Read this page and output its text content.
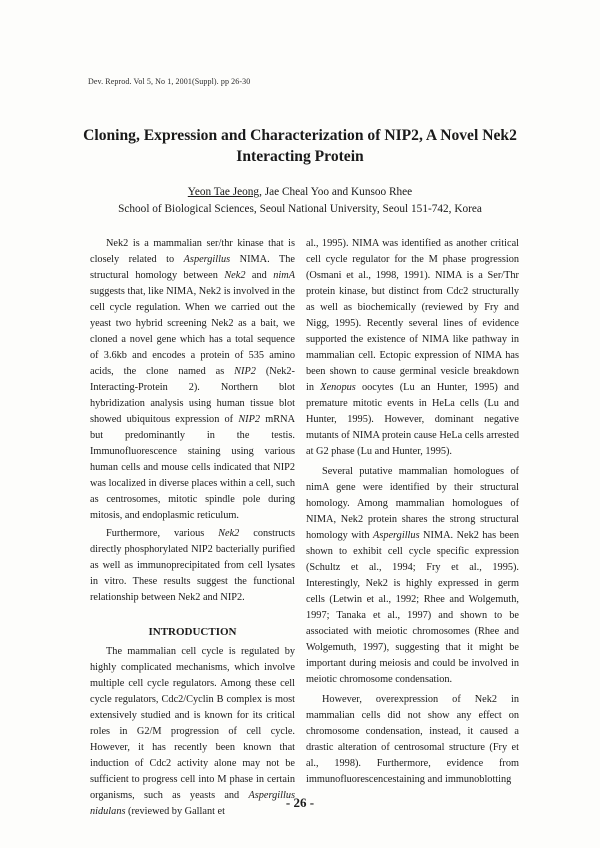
Dev. Reprod. Vol 5, No 1, 2001(Suppl). pp 26-30
Cloning, Expression and Characterization of NIP2, A Novel Nek2
Interacting Protein
Yeon Tae Jeong, Jae Cheal Yoo and Kunsoo Rhee
School of Biological Sciences, Seoul National University, Seoul 151-742, Korea

Nek2 is a mammalian ser/thr kinase that is closely related to Aspergillus NIMA. The structural homology between Nek2 and nimA suggests that, like NIMA, Nek2 is involved in the cell cycle regulation. When we carried out the yeast two hybrid screening Nek2 as a bait, we cloned a novel gene which has a total sequence of 3.6kb and encodes a protein of 535 amino acids, the clone named as NIP2 (Nek2-Interacting-Protein 2). Northern blot hybridization analysis using human tissue blot showed ubiquitous expression of NIP2 mRNA but predominantly in the testis. Immunofluorescence staining using various human cells and mouse cells indicated that NIP2 was localized in diverse places within a cell, such as centrosomes, mitotic spindle pole during mitosis, and endoplasmic reticulum.

Furthermore, various Nek2 constructs directly phosphorylated NIP2 bacterially purified as well as immunoprecipitated from cell lysates in vitro. These results suggest the functional relationship between Nek2 and NIP2.

INTRODUCTION

The mammalian cell cycle is regulated by highly complicated mechanisms, which involve multiple cell cycle regulators. Among these cell cycle regulators, Cdc2/Cyclin B complex is most extensively studied and is known for its critical roles in G2/M progression of cell cycle. However, it has recently been known that induction of Cdc2 activity alone may not be sufficient to progress cell into M phase in certain organisms, such as yeasts and Aspergillus nidulans (reviewed by Gallant et

al., 1995). NIMA was identified as another critical cell cycle regulator for the M phase progression (Osmani et al., 1998, 1991). NIMA is a Ser/Thr protein kinase, but distinct from Cdc2 structurally as well as biochemically (reviewed by Fry and Nigg, 1995). Recently several lines of evidence supported the existence of NIMA like pathway in mammalian cell. Ectopic expression of NIMA has been shown to cause germinal vesicle breakdown in Xenopus oocytes (Lu an Hunter, 1995) and premature mitotic events in HeLa cells (Lu and Hunter, 1995). However, dominant negative mutants of NIMA protein cause HeLa cells arrested at G2 phase (Lu and Hunter, 1995).

Several putative mammalian homologues of nimA gene were identified by their structural homology. Among mammalian homologues of NIMA, Nek2 protein shares the strong structural homology with Aspergillus NIMA. Nek2 has been shown to exhibit cell cycle specific expression (Schultz et al., 1994; Fry et al., 1995). Interestingly, Nek2 is highly expressed in germ cells (Letwin et al., 1992; Rhee and Wolgemuth, 1997; Tanaka et al., 1997) and shown to be associated with meiotic chromosomes (Rhee and Wolgemuth, 1997), suggesting that it might be important during meiosis and could be involved in meiotic chromosome condensation.

However, overexpression of Nek2 in mammalian cells did not show any effect on chromosome condensation, instead, it caused a drastic alteration of centrosomal structure (Fry et al., 1998). Furthermore, evidence from immunofluorescencestaining and immunoblotting

- 26 -
